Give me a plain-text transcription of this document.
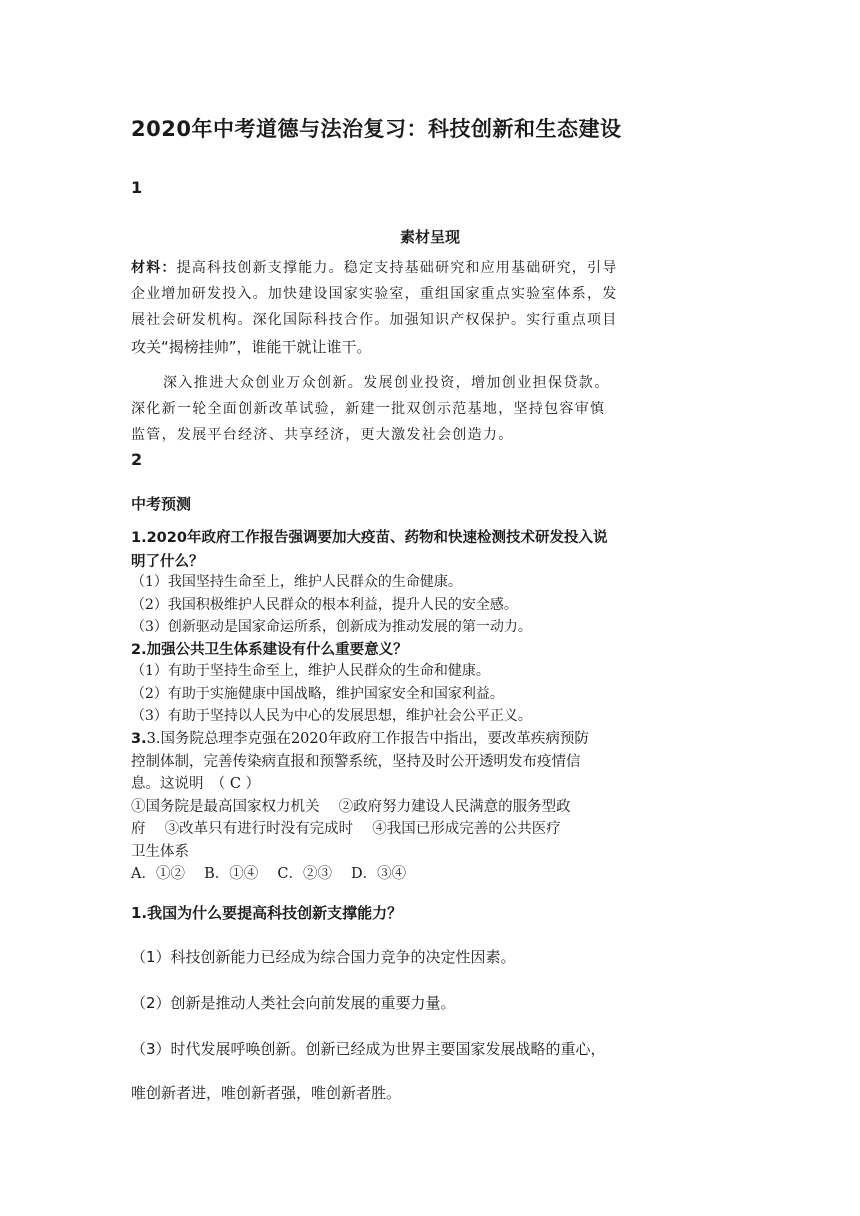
2020年中考道德与法治复习：科技创新和生态建设
1
素材呈现
材料：提高科技创新支撑能力。稳定支持基础研究和应用基础研究，引导
企业增加研发投入。加快建设国家实验室，重组国家重点实验室体系，发
展社会研发机构。深化国际科技合作。加强知识产权保护。实行重点项目
攻关“揭榜挂帅”，谁能干就让谁干。
深入推进大众创业万众创新。发展创业投资，增加创业担保贷款。
深化新一轮全面创新改革试验，新建一批双创示范基地，坚持包容审慎
监管，发展平台经济、共享经济，更大激发社会创造力。
2
中考预测
1.2020年政府工作报告强调要加大疫苗、药物和快速检测技术研发投入说
明了什么？
（1）我国坚持生命至上，维护人民群众的生命健康。
（2）我国积极维护人民群众的根本利益，提升人民的安全感。
（3）创新驱动是国家命运所系，创新成为推动发展的第一动力。
2.加强公共卫生体系建设有什么重要意义？
（1）有助于坚持生命至上，维护人民群众的生命和健康。
（2）有助于实施健康中国战略，维护国家安全和国家利益。
（3）有助于坚持以人民为中心的发展思想，维护社会公平正义。
3.3.国务院总理李克强在2020年政府工作报告中指出，要改革疾病预防
控制体制，完善传染病直报和预警系统，坚持及时公开透明发布疫情信
息。这说明　（ C ）
①国务院是最高国家权力机关　 ②政府努力建设人民满意的服务型政
府　 ③改革只有进行时没有完成时　 ④我国已形成完善的公共医疗
卫生体系
A．①②　 B．①④　 C．②③　 D．③④
1.我国为什么要提高科技创新支撑能力？
（1）科技创新能力已经成为综合国力竞争的决定性因素。
（2）创新是推动人类社会向前发展的重要力量。
（3）时代发展呼唤创新。创新已经成为世界主要国家发展战略的重心，
唯创新者进，唯创新者强，唯创新者胜。
